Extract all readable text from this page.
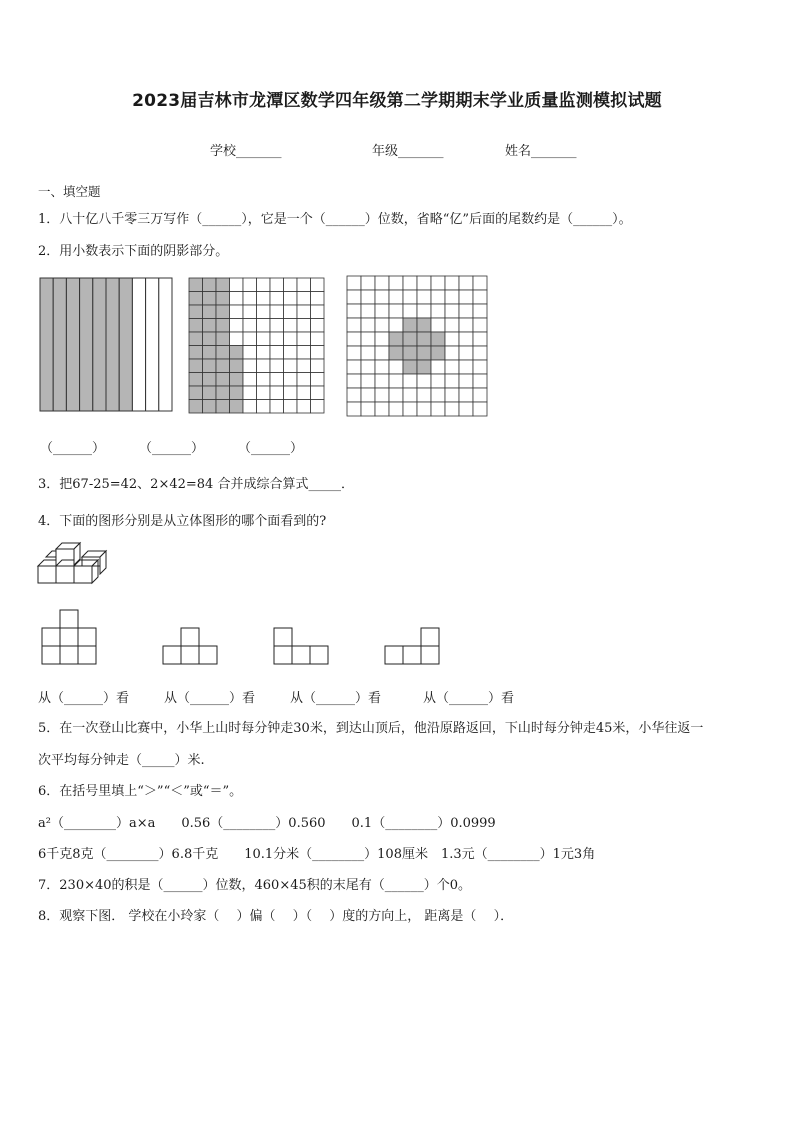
2023届吉林市龙潭区数学四年级第二学期期末学业质量监测模拟试题
学校_______	年级_______	姓名_______
一、填空题
1．八十亿八千零三万写作（______），它是一个（______）位数，省略“亿”后面的尾数约是（______）。
2．用小数表示下面的阴影部分。
（______）	（______）	（______）
3．把67-25=42、2×42=84 合并成综合算式_____．
4．下面的图形分别是从立体图形的哪个面看到的?
从（______）看	从（______）看	从（______）看	从（______）看
5．在一次登山比赛中，小华上山时每分钟走30米，到达山顶后，他沿原路返回，下山时每分钟走45米，小华往返一
次平均每分钟走（_____）米.
6．在括号里填上“＞”“＜”或“＝”。
a²（________）a×a　　0.56（________）0.560　　0.1（________）0.0999
6千克8克（________）6.8千克　　10.1分米（________）108厘米　1.3元（________）1元3角
7．230×40的积是（______）位数，460×45积的末尾有（______）个0。
8．观察下图． 学校在小玲家（　 ）偏（　 ）（　 ）度的方向上， 距离是（　 ）．
